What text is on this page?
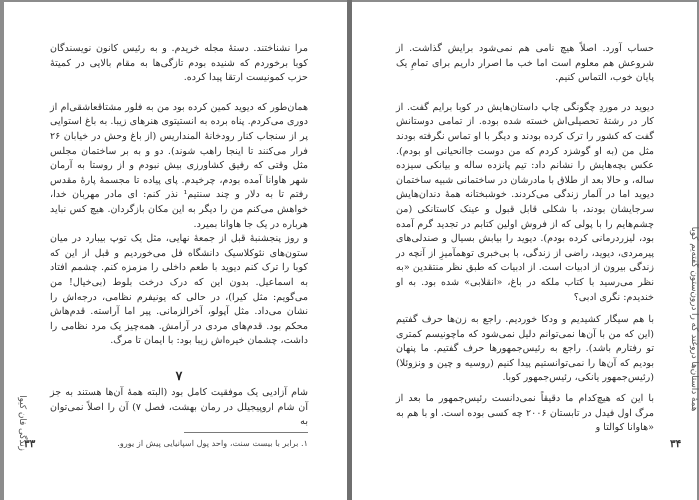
مرا نشناختند. دستهٔ مجله خریدم. و به رئیس کانون نویسندگان کوبا برخوردم که شنیده بودم تازگی‌ها به مقام بالایی در کمیتهٔ حزب کمونیست ارتقا پیدا کرده.

همان‌طور که دیوید کمین کرده بود من به فلور مشتاقعاشقی‌ام از دوری می‌کردم. پناه برده به انستیتوی هنرهای زیبا. به باغ استوایی پر از سنجاب کنار رودخانهٔ المنداریس (از باغ وحش در خیابان ۲۶ فرار می‌کنند تا اینجا راهب شوند). دو و به بر ساختمان مجلس مثل وقتی که رفیق کشاورزی بیش نبودم و از روستا به آرمان شهر هاوانا آمده بودم، چرخیدم. پای پیاده تا مجسمهٔ پارهٔ مقدس رفتم تا به دلار و چند سنتیم¹ نذر کنم: ای مادر مهربان خدا، خواهش می‌کنم من را دیگر به این مکان بازگردان. هیچ کس نباید هرباره در یک جا هاوانا بمیرد.

و روز پنجشنبهٔ قبل از جمعهٔ نهایی، مثل یک توپ بیبارد در میان ستون‌های نئوکلاسیک دانشگاه فل می‌خوردیم و قبل از این که کوبا را ترک کنم دیوید با طعم داخلی را مزمزه کنم. چشمم افتاد به اسماعیل. بدون این که درک درخت بلوط (بی‌خیال! من می‌گویم: مثل کیرا)، در حالی که یونیفرم نظامی، درجه‌اش را نشان می‌داد. مثل آپولو، آخرالزمانی. پیر اما آراسته. قدم‌هاش محکم بود. قدم‌های مردی در آرامش. همه‌چیز یک مرد نظامی را داشت، چشمان خیره‌اش زیبا بود: با ایمان تا مرگ.

۷

شام آزادیی یک موفقیت کامل بود (البته همهٔ آن‌ها هستند به جز آن شام اروپیجیلل در رمان بهشت، فصل ۷) آن را اصلاً نمی‌توان به

۱. برابر با بیست سنت، واحد پول اسپانیایی پیش از یورو.
۳۳
زندگی فان كيوا

حساب آورد. اصلاً هیچ نامی هم نمی‌شود برایش گذاشت. از شروعش هم معلوم است اما خب ما اصرار داریم برای تمامِ یک پایان خوب، التماس کنیم.

دیوید در موردِ چگونگی چاپ داستان‌هایش در کوبا برایم گفت. از کار در رشتهٔ تحصیلی‌اش خسته شده بوده. از تمامی دوستانش گفت که کشور را ترک کرده بودند و دیگر با او تماس نگرفته بودند مثل من (به او گوشزد کردم که من دوست جاانحیانی او بودم). عکس بچه‌هایش را نشانم داد: تیم پانزده ساله و بیانکی سیزده ساله، و حالا بعد از طلاق با مادرشان در ساختمانی شبیه ساختمان دیوید اما در آلمار زندگی می‌کردند. خوشبختانه همهٔ دندان‌هایش سرجایشان بودند، با شکلی قابل قبول و عینک کاستانکی (من چشم‌هایم را با پولی که از فروش اولین کتابم در تجدید گرم آمده بود، لیزردرمانی کرده بودم). دیوید را بیابش بسیال و صندلی‌های پیرمردی، دیوید، راضی از زندگی، با بی‌خبری توهمآمیزِ از آنچه در زندگی بیرون از ادبیات است. از ادبیات که طبق نظر منتقدین «به نظر می‌رسید با کتاب ملکه در باغ، «انقلابی» شده بود. به او خندیدم: نگری ادبی؟

با هم سیگار کشیدیم و ودکا خوردیم. راجع به زن‌ها حرف گفتیم (این که من با آن‌ها نمی‌توانم دلیل نمی‌شود که ماچونیسم کمتری تو رفتارم باشد). راجع به رئیس‌جمهورها حرف گفتیم. ما پنهان بودیم که آن‌ها را نمی‌توانستیم پیدا کنیم (روسیه و چین و ونزوئلا) (رئیس‌جمهور یانکی، رئیس‌جمهور کوبا.

با این که هیچ‌کدام ما دقیقاً نمی‌دانست رئیس‌جمهور ما بعد از مرگ اول فیدل در تابستان ۲۰۰۶ چه کسی بوده است. او با هم به «هاوانا کوالتا و

۳۴
همهٔ داستان‌ها دروغند که را درون‌ستون گفته‌یم کوبا
